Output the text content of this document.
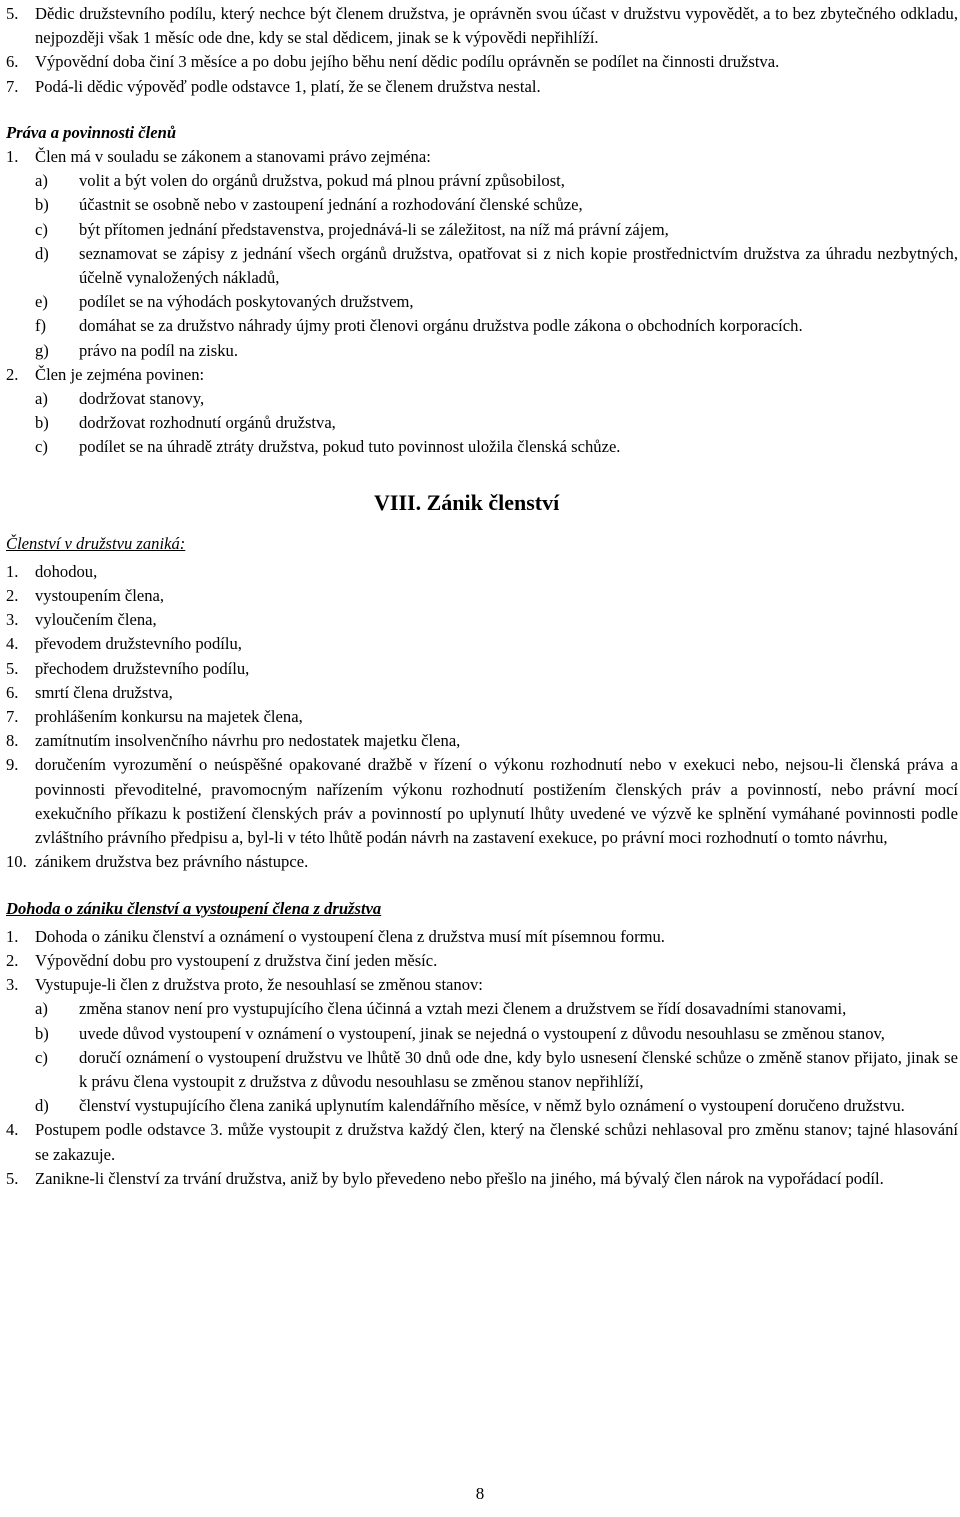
5. Dědic družstevního podílu, který nechce být členem družstva, je oprávněn svou účast v družstvu vypovědět, a to bez zbytečného odkladu, nejpozději však 1 měsíc ode dne, kdy se stal dědicem, jinak se k výpovědi nepřihlíží.
6. Výpovědní doba činí 3 měsíce a po dobu jejího běhu není dědic podílu oprávněn se podílet na činnosti družstva.
7. Podá-li dědic výpověď podle odstavce 1, platí, že se členem družstva nestal.
Práva a povinnosti členů
1. Člen má v souladu se zákonem a stanovami právo zejména:
a)	volit a být volen do orgánů družstva, pokud má plnou právní způsobilost,
b)	účastnit se osobně nebo v zastoupení jednání a rozhodování členské schůze,
c)	být přítomen jednání představenstva, projednává-li se záležitost, na níž má právní zájem,
d)	seznamovat se zápisy z jednání všech orgánů družstva, opatřovat si z nich kopie prostřednictvím družstva za úhradu nezbytných, účelně vynaložených nákladů,
e)	podílet se na výhodách poskytovaných družstvem,
f)	domáhat se za družstvo náhrady újmy proti členovi orgánu družstva podle zákona o obchodních korporacích.
g)	právo na podíl na zisku.
2. Člen je zejména povinen:
a)	dodržovat stanovy,
b)	dodržovat rozhodnutí orgánů družstva,
c)	podílet se na úhradě ztráty družstva, pokud tuto povinnost uložila členská schůze.
VIII. Zánik členství
Členství v družstvu zaniká:
1. dohodou,
2. vystoupením člena,
3. vyloučením člena,
4. převodem družstevního podílu,
5. přechodem družstevního podílu,
6. smrtí člena družstva,
7. prohlášením konkursu na majetek člena,
8. zamítnutím insolvenčního návrhu pro nedostatek majetku člena,
9. doručením vyrozumění o neúspěšné opakované dražbě v řízení o výkonu rozhodnutí nebo v exekuci nebo, nejsou-li členská práva a povinnosti převoditelné, pravomocným nařízením výkonu rozhodnutí postižením členských práv a povinností, nebo právní mocí exekučního příkazu k postižení členských práv a povinností po uplynutí lhůty uvedené ve výzvě ke splnění vymáhané povinnosti podle zvláštního právního předpisu a, byl-li v této lhůtě podán návrh na zastavení exekuce, po právní moci rozhodnutí o tomto návrhu,
10. zánikem družstva bez právního nástupce.
Dohoda o zániku členství a vystoupení člena z družstva
1. Dohoda o zániku členství a oznámení o vystoupení člena z družstva musí mít písemnou formu.
2. Výpovědní dobu pro vystoupení z družstva činí jeden měsíc.
3. Vystupuje-li člen z družstva proto, že nesouhlasí se změnou stanov:
a)	změna stanov není pro vystupujícího člena účinná a vztah mezi členem a družstvem se řídí dosavadními stanovami,
b)	uvede důvod vystoupení v oznámení o vystoupení, jinak se nejedná o vystoupení z důvodu nesouhlasu se změnou stanov,
c)	doručí oznámení o vystoupení družstvu ve lhůtě 30 dnů ode dne, kdy bylo usnesení členské schůze o změně stanov přijato, jinak se k právu člena vystoupit z družstva z důvodu nesouhlasu se změnou stanov nepřihlíží,
d)	členství vystupujícího člena zaniká uplynutím kalendářního měsíce, v němž bylo oznámení o vystoupení doručeno družstvu.
4. Postupem podle odstavce 3. může vystoupit z družstva každý člen, který na členské schůzi nehlasoval pro změnu stanov; tajné hlasování se zakazuje.
5. Zanikne-li členství za trvání družstva, aniž by bylo převedeno nebo přešlo na jiného, má bývalý člen nárok na vypořádací podíl.
8
